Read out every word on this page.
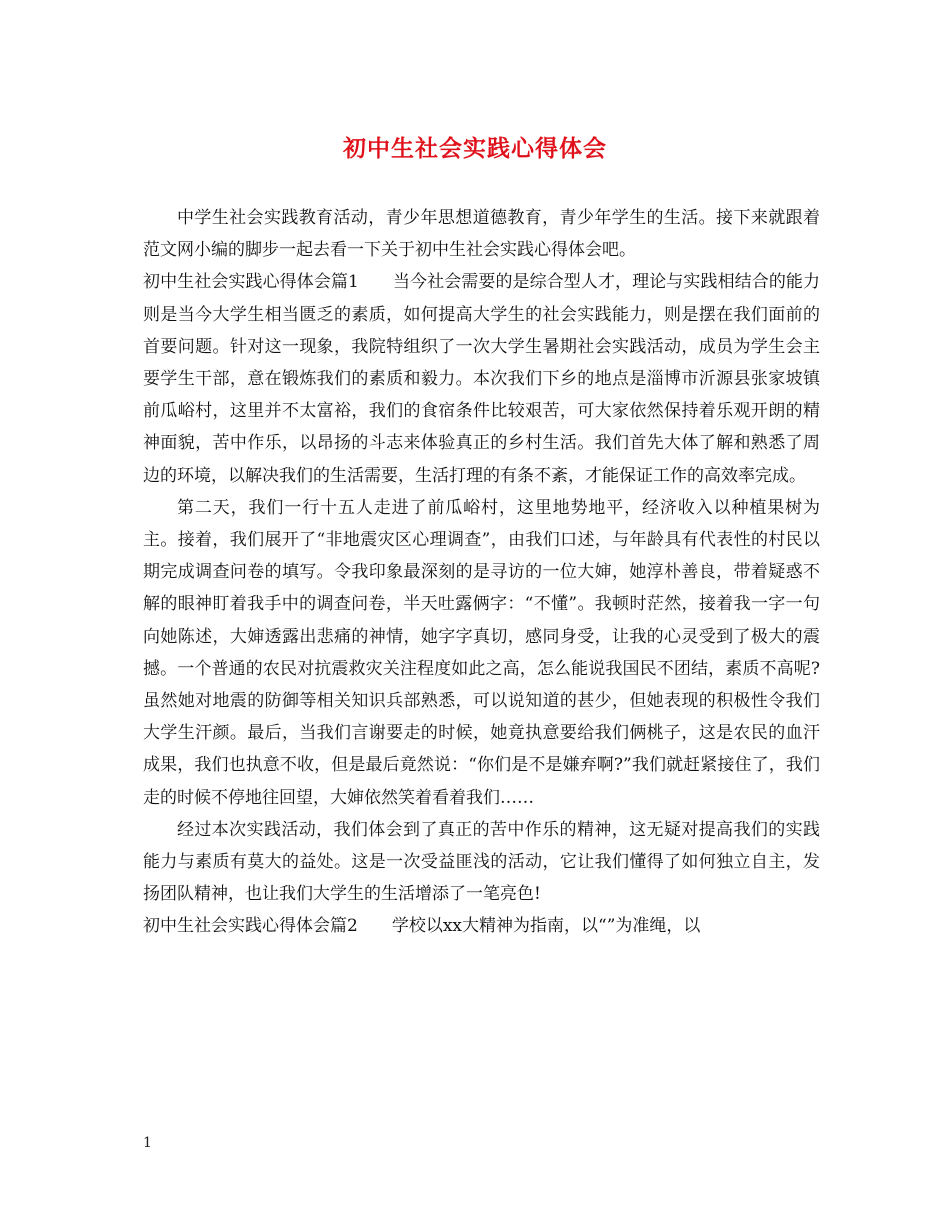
初中生社会实践心得体会

中学生社会实践教育活动，青少年思想道德教育，青少年学生的生活。接下来就跟着范文网小编的脚步一起去看一下关于初中生社会实践心得体会吧。

初中生社会实践心得体会篇1 当今社会需要的是综合型人才，理论与实践相结合的能力则是当今大学生相当匮乏的素质，如何提高大学生的社会实践能力，则是摆在我们面前的首要问题。针对这一现象，我院特组织了一次大学生暑期社会实践活动，成员为学生会主要学生干部，意在锻炼我们的素质和毅力。本次我们下乡的地点是淄博市沂源县张家坡镇前瓜峪村，这里并不太富裕，我们的食宿条件比较艰苦，可大家依然保持着乐观开朗的精神面貌，苦中作乐，以昂扬的斗志来体验真正的乡村生活。我们首先大体了解和熟悉了周边的环境，以解决我们的生活需要，生活打理的有条不紊，才能保证工作的高效率完成。

第二天，我们一行十五人走进了前瓜峪村，这里地势地平，经济收入以种植果树为主。接着，我们展开了“非地震灾区心理调查”，由我们口述，与年龄具有代表性的村民以期完成调查问卷的填写。令我印象最深刻的是寻访的一位大婶，她淳朴善良，带着疑惑不解的眼神盯着我手中的调查问卷，半天吐露俩字：“不懂”。我顿时茫然，接着我一字一句向她陈述，大婶透露出悲痛的神情，她字字真切，感同身受，让我的心灵受到了极大的震撼。一个普通的农民对抗震救灾关注程度如此之高，怎么能说我国民不团结，素质不高呢?虽然她对地震的防御等相关知识兵部熟悉，可以说知道的甚少，但她表现的积极性令我们大学生汗颜。最后，当我们言谢要走的时候，她竟执意要给我们俩桃子，这是农民的血汗成果，我们也执意不收，但是最后竟然说：“你们是不是嫌弃啊?”我们就赶紧接住了，我们走的时候不停地往回望，大婶依然笑着看着我们……

经过本次实践活动，我们体会到了真正的苦中作乐的精神，这无疑对提高我们的实践能力与素质有莫大的益处。这是一次受益匪浅的活动，它让我们懂得了如何独立自主，发扬团队精神，也让我们大学生的生活增添了一笔亮色!

初中生社会实践心得体会篇2 学校以xx大精神为指南，以“”为准绳，以

1
